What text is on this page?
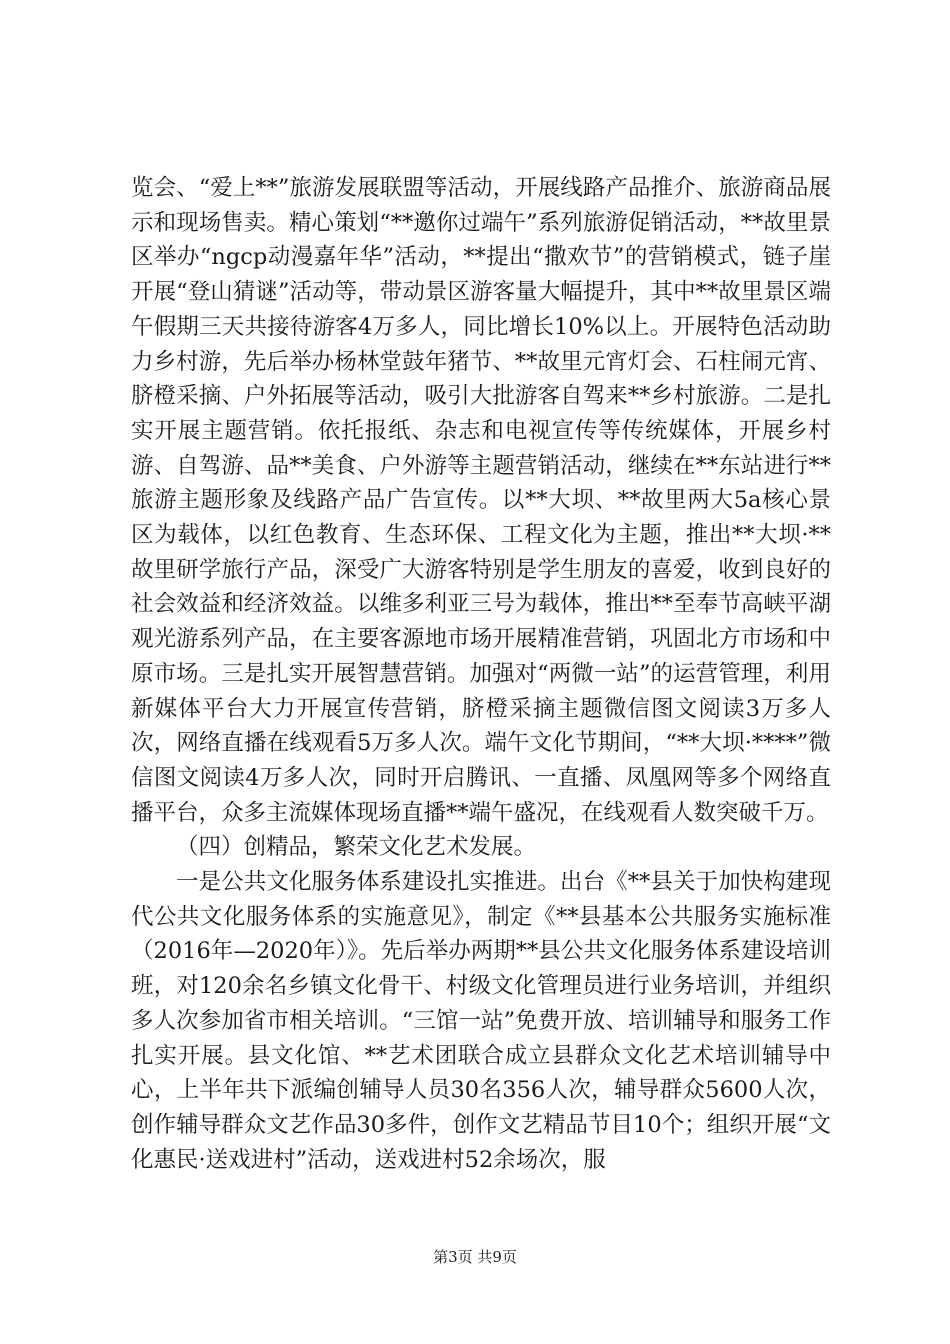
览会、“爱上**”旅游发展联盟等活动，开展线路产品推介、旅游商品展示和现场售卖。精心策划“**邀你过端午”系列旅游促销活动，**故里景区举办“ngcp动漫嘉年华”活动，**提出“撒欢节”的营销模式，链子崖开展“登山猜谜”活动等，带动景区游客量大幅提升，其中**故里景区端午假期三天共接待游客4万多人，同比增长10%以上。开展特色活动助力乡村游，先后举办杨林堂鼓年猪节、**故里元宵灯会、石柱闹元宵、脐橙采摘、户外拓展等活动，吸引大批游客自驾来**乡村旅游。二是扎实开展主题营销。依托报纸、杂志和电视宣传等传统媒体，开展乡村游、自驾游、品**美食、户外游等主题营销活动，继续在**东站进行**旅游主题形象及线路产品广告宣传。以**大坝、**故里两大5a核心景区为载体，以红色教育、生态环保、工程文化为主题，推出**大坝·**故里研学旅行产品，深受广大游客特别是学生朋友的喜爱，收到良好的社会效益和经济效益。以维多利亚三号为载体，推出**至奉节高峡平湖观光游系列产品，在主要客源地市场开展精准营销，巩固北方市场和中原市场。三是扎实开展智慧营销。加强对“两微一站”的运营管理，利用新媒体平台大力开展宣传营销，脐橙采摘主题微信图文阅读3万多人次，网络直播在线观看5万多人次。端午文化节期间，“**大坝·****”微信图文阅读4万多人次，同时开启腾讯、一直播、凤凰网等多个网络直播平台，众多主流媒体现场直播**端午盛况，在线观看人数突破千万。

（四）创精品，繁荣文化艺术发展。

一是公共文化服务体系建设扎实推进。出台《**县关于加快构建现代公共文化服务体系的实施意见》，制定《**县基本公共服务实施标准（2016年—2020年）》。先后举办两期**县公共文化服务体系建设培训班，对120余名乡镇文化骨干、村级文化管理员进行业务培训，并组织多人次参加省市相关培训。“三馆一站”免费开放、培训辅导和服务工作扎实开展。县文化馆、**艺术团联合成立县群众文化艺术培训辅导中心，上半年共下派编创辅导人员30名356人次，辅导群众5600人次，创作辅导群众文艺作品30多件，创作文艺精品节目10个；组织开展“文化惠民·送戏进村”活动，送戏进村52余场次，服

第3页 共9页
